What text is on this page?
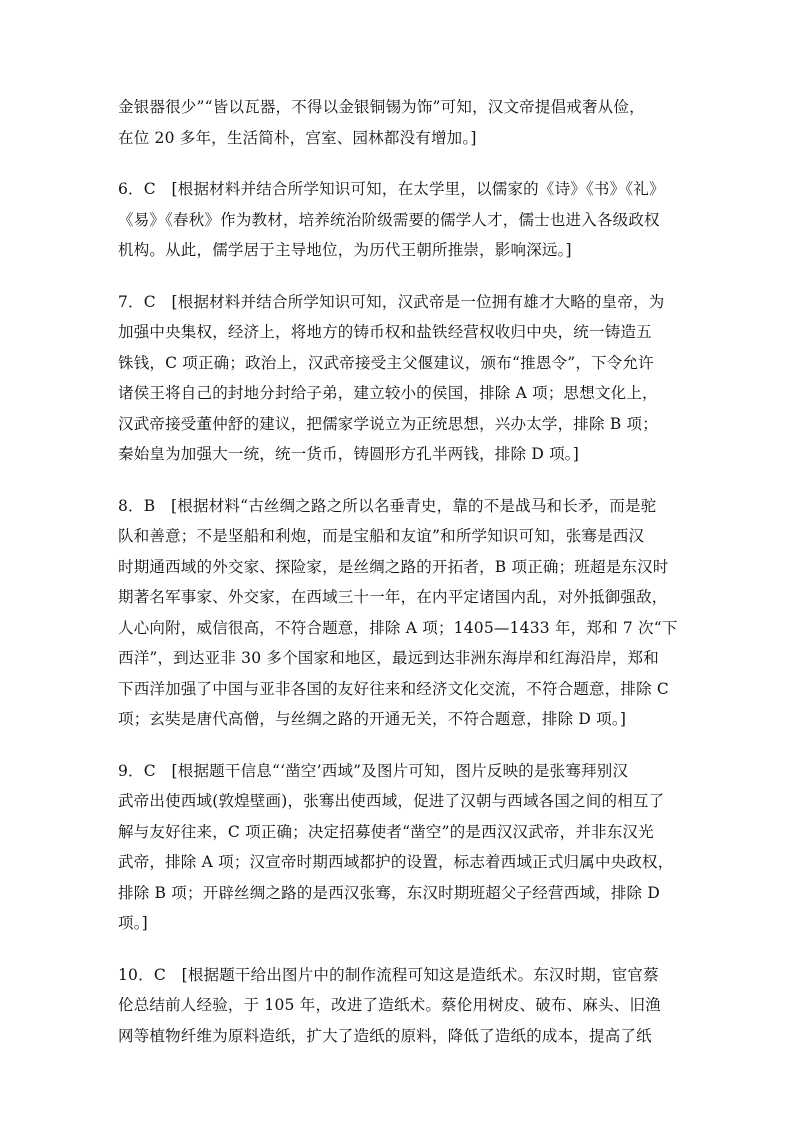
金银器很少”“皆以瓦器，不得以金银铜锡为饰”可知，汉文帝提倡戒奢从俭，
在位 20 多年，生活简朴，宫室、园林都没有增加。]
6．C　[根据材料并结合所学知识可知，在太学里，以儒家的《诗》《书》《礼》
《易》《春秋》作为教材，培养统治阶级需要的儒学人才，儒士也进入各级政权
机构。从此，儒学居于主导地位，为历代王朝所推崇，影响深远。]
7．C　[根据材料并结合所学知识可知，汉武帝是一位拥有雄才大略的皇帝，为
加强中央集权，经济上，将地方的铸币权和盐铁经营权收归中央，统一铸造五
铢钱，C 项正确；政治上，汉武帝接受主父偃建议，颁布“推恩令”，下令允许
诸侯王将自己的封地分封给子弟，建立较小的侯国，排除 A 项；思想文化上，
汉武帝接受董仲舒的建议，把儒家学说立为正统思想，兴办太学，排除 B 项；
秦始皇为加强大一统，统一货币，铸圆形方孔半两钱，排除 D 项。]
8．B　[根据材料“古丝绸之路之所以名垂青史，靠的不是战马和长矛，而是驼
队和善意；不是坚船和利炮，而是宝船和友谊”和所学知识可知，张骞是西汉
时期通西域的外交家、探险家，是丝绸之路的开拓者，B 项正确；班超是东汉时
期著名军事家、外交家，在西域三十一年，在内平定诸国内乱，对外抵御强敌，
人心向附，威信很高，不符合题意，排除 A 项；1405—1433 年，郑和 7 次“下
西洋”，到达亚非 30 多个国家和地区，最远到达非洲东海岸和红海沿岸，郑和
下西洋加强了中国与亚非各国的友好往来和经济文化交流，不符合题意，排除 C
项；玄奘是唐代高僧，与丝绸之路的开通无关，不符合题意，排除 D 项。]
9．C　[根据题干信息“‘凿空’西域”及图片可知，图片反映的是张骞拜别汉
武帝出使西域(敦煌壁画)，张骞出使西域，促进了汉朝与西域各国之间的相互了
解与友好往来，C 项正确；决定招募使者“凿空”的是西汉汉武帝，并非东汉光
武帝，排除 A 项；汉宣帝时期西域都护的设置，标志着西域正式归属中央政权，
排除 B 项；开辟丝绸之路的是西汉张骞，东汉时期班超父子经营西域，排除 D
项。]
10．C　[根据题干给出图片中的制作流程可知这是造纸术。东汉时期，宦官蔡
伦总结前人经验，于 105 年，改进了造纸术。蔡伦用树皮、破布、麻头、旧渔
网等植物纤维为原料造纸，扩大了造纸的原料，降低了造纸的成本，提高了纸
